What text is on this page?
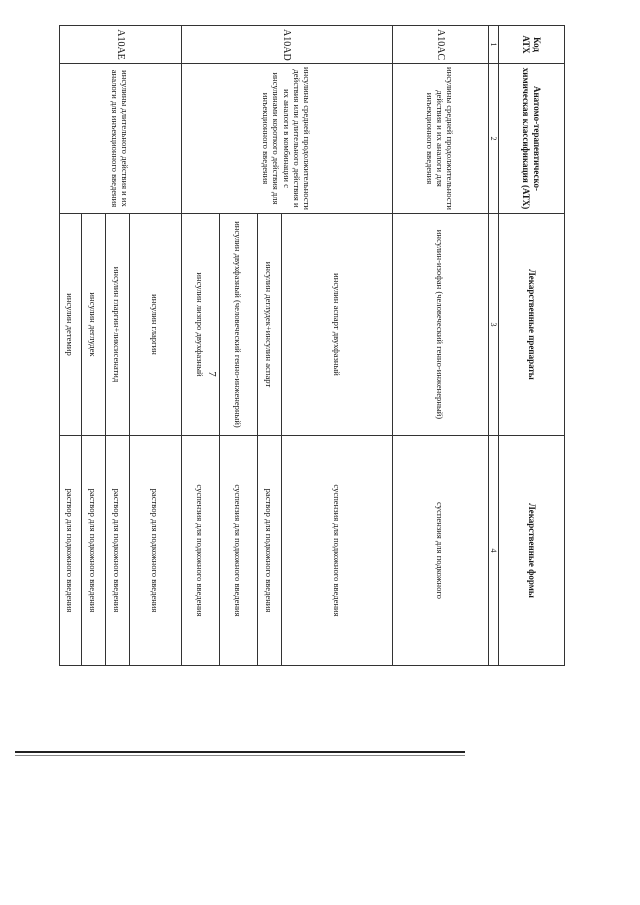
7
Код АТХ	Анатомо-терапевтическо-химическая классификация (АТХ)	Лекарственные препараты	Лекарственные формы
1	2	3	4
A10AC	инсулины средней продолжительности действия и их аналоги для инъекционного введения	инсулин-изофан (человеческий генно-инженерный)	суспензия для подкожного
A10AD	инсулины средней продолжительности действия или длительного действия и их аналоги в комбинации с инсулинами короткого действия для инъекционного введения	инсулин аспарт двухфазный	суспензия для подкожного введения
		инсулин деглудек+инсулин аспарт	раствор для подкожного введения
		инсулин двухфазный (человеческий генно-инженерный)	суспензия для подкожного введения
		инсулин лизпро двухфазный	суспензия для подкожного введения
A10AE	инсулины длительного действия и их аналоги для инъекционного введения	инсулин гларгин	раствор для подкожного введения
		инсулин гларгин+ликсисенатид	раствор для подкожного введения
		инсулин деглудек	раствор для подкожного введения
		инсулин детемир	раствор для подкожного введения
